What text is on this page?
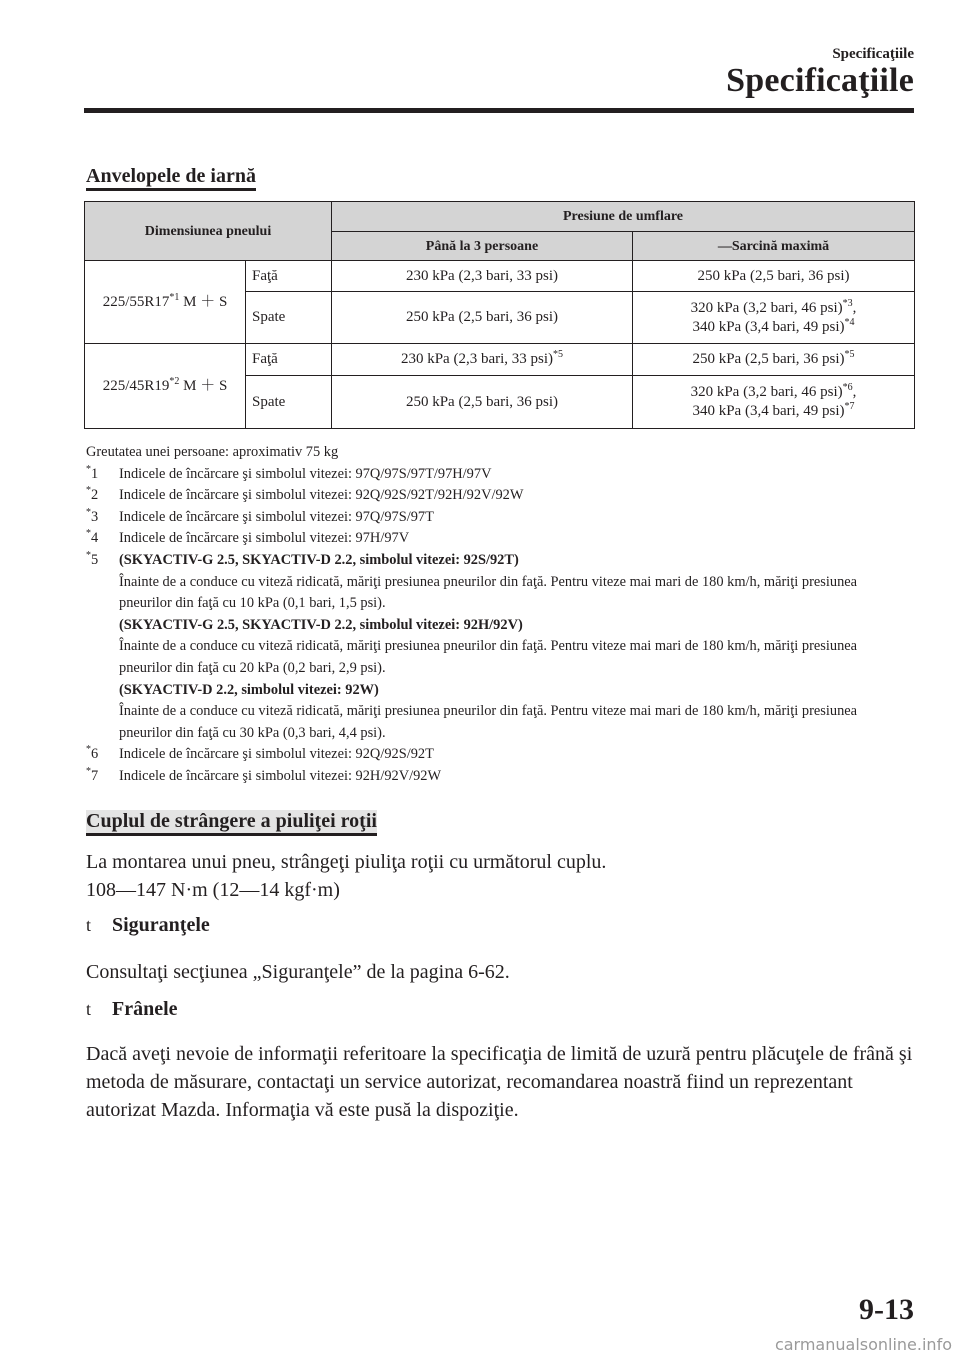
Specificaţiile
Specificaţiile
Anvelopele de iarnă
Dimensiunea pneului		Presiune de umflare	
		Până la 3 persoane	—Sarcină maximă
225/55R17$^{*1}$ M ＋ S	Faţă	230 kPa (2,3 bari, 33 psi)	250 kPa (2,5 bari, 36 psi)
	Spate	250 kPa (2,5 bari, 36 psi)	320 kPa (3,2 bari, 46 psi)$^{*3}$,
340 kPa (3,4 bari, 49 psi)$^{*4}$
225/45R19$^{*2}$ M ＋ S	Faţă	230 kPa (2,3 bari, 33 psi)$^{*5}$	250 kPa (2,5 bari, 36 psi)$^{*5}$
	Spate	250 kPa (2,5 bari, 36 psi)	320 kPa (3,2 bari, 46 psi)$^{*6}$,
340 kPa (3,4 bari, 49 psi)$^{*7}$
Greutatea unei persoane: aproximativ 75 kg
*1	Indicele de încărcare şi simbolul vitezei: 97Q/97S/97T/97H/97V
*2	Indicele de încărcare şi simbolul vitezei: 92Q/92S/92T/92H/92V/92W
*3	Indicele de încărcare şi simbolul vitezei: 97Q/97S/97T
*4	Indicele de încărcare şi simbolul vitezei: 97H/97V
*5	(SKYACTIV-G 2.5, SKYACTIV-D 2.2, simbolul vitezei: 92S/92T)
Înainte de a conduce cu viteză ridicată, măriţi presiunea pneurilor din faţă. Pentru viteze mai mari de 180 km/h, măriţi presiunea pneurilor din faţă cu 10 kPa (0,1 bari, 1,5 psi).
(SKYACTIV-G 2.5, SKYACTIV-D 2.2, simbolul vitezei: 92H/92V)
Înainte de a conduce cu viteză ridicată, măriţi presiunea pneurilor din faţă. Pentru viteze mai mari de 180 km/h, măriţi presiunea pneurilor din faţă cu 20 kPa (0,2 bari, 2,9 psi).
(SKYACTIV-D 2.2, simbolul vitezei: 92W)
Înainte de a conduce cu viteză ridicată, măriţi presiunea pneurilor din faţă. Pentru viteze mai mari de 180 km/h, măriţi presiunea pneurilor din faţă cu 30 kPa (0,3 bari, 4,4 psi).
*6	Indicele de încărcare şi simbolul vitezei: 92Q/92S/92T
*7	Indicele de încărcare şi simbolul vitezei: 92H/92V/92W
Cuplul de strângere a piuliţei roţii
La montarea unui pneu, strângeţi piuliţa roţii cu următorul cuplu.
108―147 N·m (12―14 kgf·m)
t	Siguranţele
Consultaţi secţiunea „Siguranţele” de la pagina 6-62.
t	Frânele
Dacă aveţi nevoie de informaţii referitoare la specificaţia de limită de uzură pentru plăcuţele de frână şi metoda de măsurare, contactaţi un service autorizat, recomandarea noastră fiind un reprezentant autorizat Mazda. Informaţia vă este pusă la dispoziţie.
9-13
carmanualsonline.info
